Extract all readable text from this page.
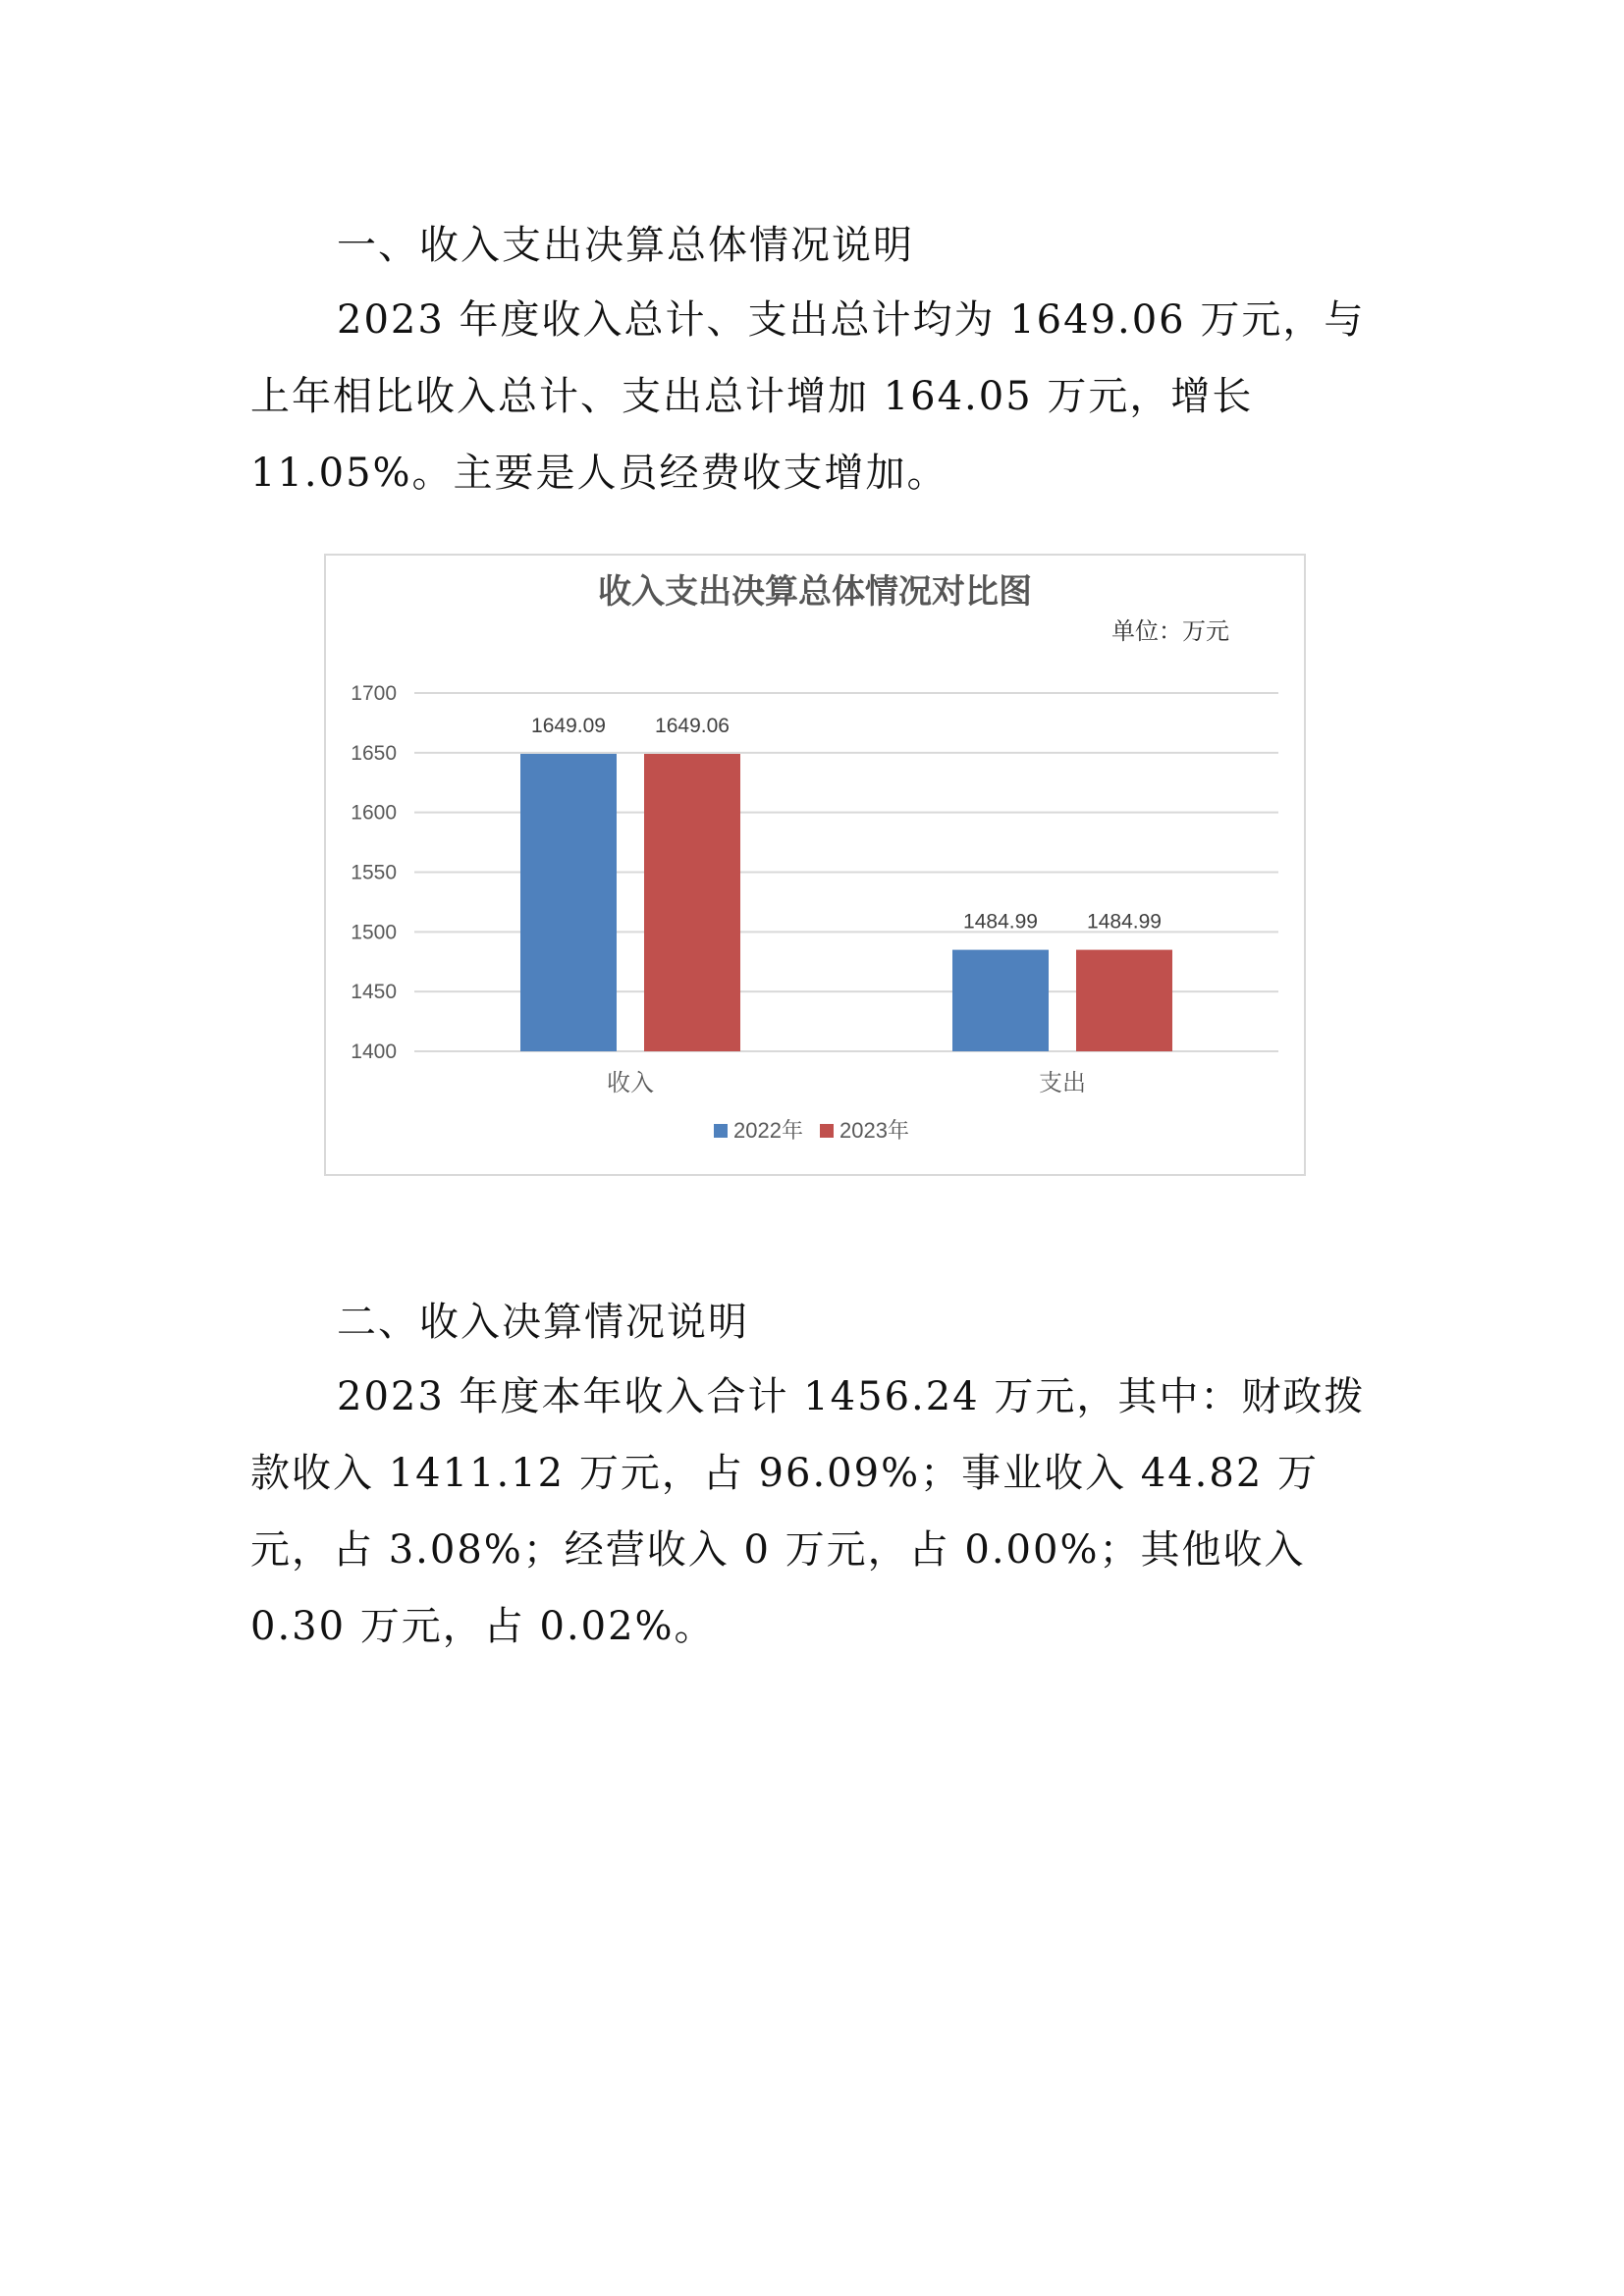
一、收入支出决算总体情况说明

2023 年度收入总计、支出总计均为 1649.06 万元，与上年相比收入总计、支出总计增加 164.05 万元，增长 11.05%。主要是人员经费收支增加。

收入支出决算总体情况对比图
单位：万元
1400
1450
1500
1550
1600
1650
1700
1649.09 1649.06
收入
1484.99 1484.99
支出
2022年 2023年
二、收入决算情况说明

2023 年度本年收入合计 1456.24 万元，其中：财政拨款收入 1411.12 万元，占 96.09%；事业收入 44.82 万元，占 3.08%；经营收入 0 万元，占 0.00%；其他收入 0.30 万元，占 0.02%。
